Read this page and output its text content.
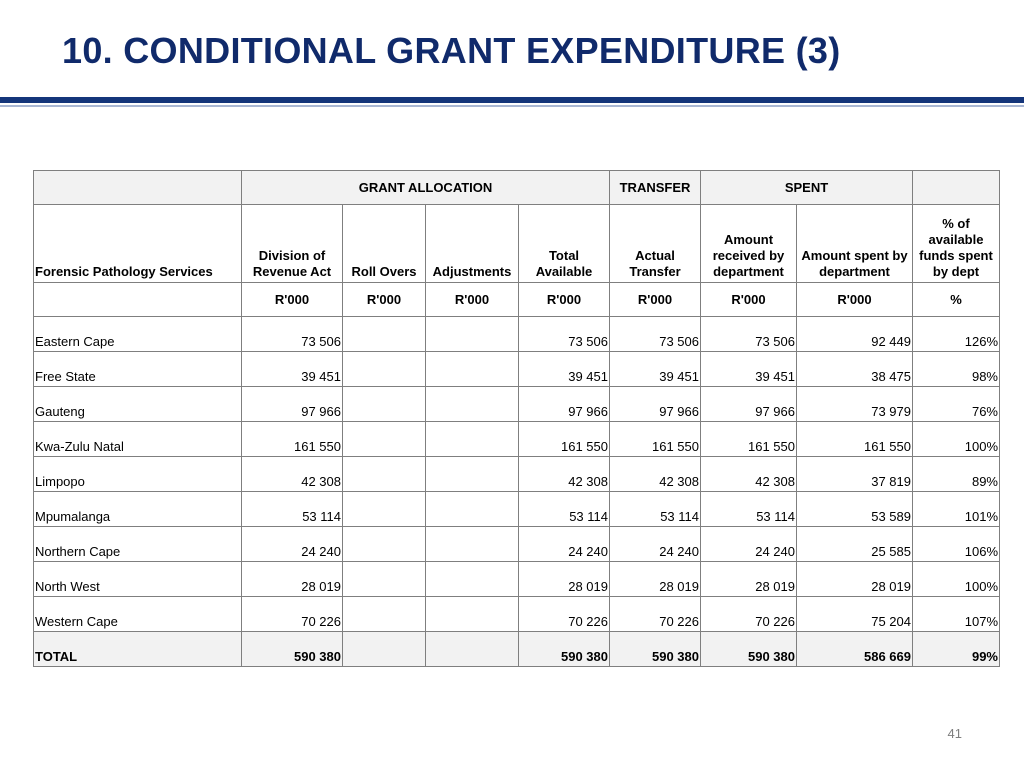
10. CONDITIONAL GRANT EXPENDITURE (3)
	GRANT ALLOCATION				TRANSFER	SPENT		
Forensic Pathology Services	Division of Revenue Act	Roll Overs	Adjustments	Total Available	Actual Transfer	Amount received by department	Amount spent by department	% of available funds spent by dept
	R'000	R'000	R'000	R'000	R'000	R'000	R'000	%
Eastern Cape	73 506			73 506	73 506	73 506	92 449	126%
Free State	39 451			39 451	39 451	39 451	38 475	98%
Gauteng	97 966			97 966	97 966	97 966	73 979	76%
Kwa-Zulu Natal	161 550			161 550	161 550	161 550	161 550	100%
Limpopo	42 308			42 308	42 308	42 308	37 819	89%
Mpumalanga	53 114			53 114	53 114	53 114	53 589	101%
Northern Cape	24 240			24 240	24 240	24 240	25 585	106%
North West	28 019			28 019	28 019	28 019	28 019	100%
Western Cape	70 226			70 226	70 226	70 226	75 204	107%
TOTAL	590 380			590 380	590 380	590 380	586 669	99%
41
